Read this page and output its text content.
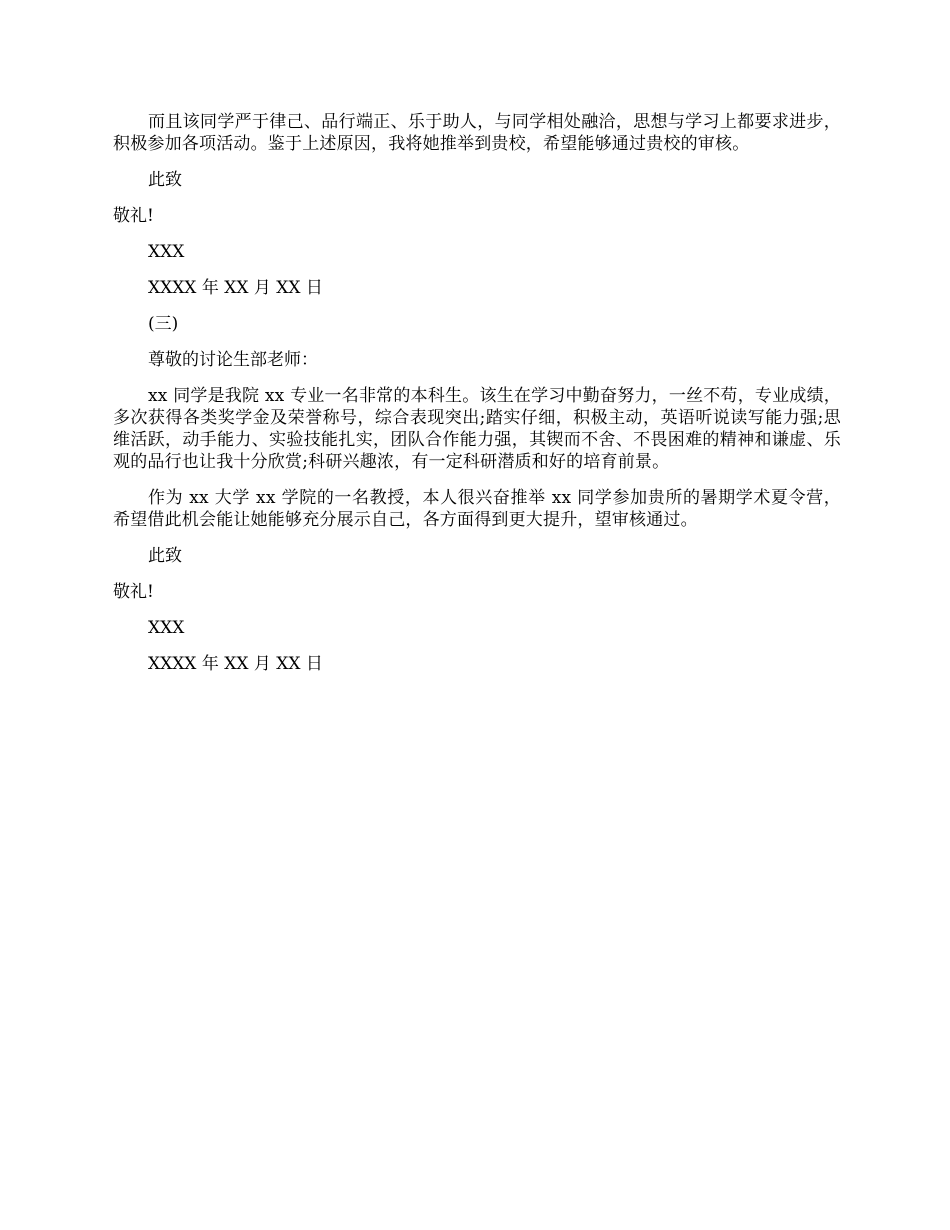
而且该同学严于律己、品行端正、乐于助人，与同学相处融洽，思想与学习上都要求进步，积极参加各项活动。鉴于上述原因，我将她推举到贵校，希望能够通过贵校的审核。

此致

敬礼!

XXX

XXXX 年 XX 月 XX 日

(三)

尊敬的讨论生部老师：

xx 同学是我院 xx 专业一名非常的本科生。该生在学习中勤奋努力，一丝不苟，专业成绩，多次获得各类奖学金及荣誉称号，综合表现突出;踏实仔细，积极主动，英语听说读写能力强;思维活跃，动手能力、实验技能扎实，团队合作能力强，其锲而不舍、不畏困难的精神和谦虚、乐观的品行也让我十分欣赏;科研兴趣浓，有一定科研潜质和好的培育前景。

作为 xx 大学 xx 学院的一名教授，本人很兴奋推举 xx 同学参加贵所的暑期学术夏令营，希望借此机会能让她能够充分展示自己，各方面得到更大提升，望审核通过。

此致

敬礼!

XXX

XXXX 年 XX 月 XX 日
